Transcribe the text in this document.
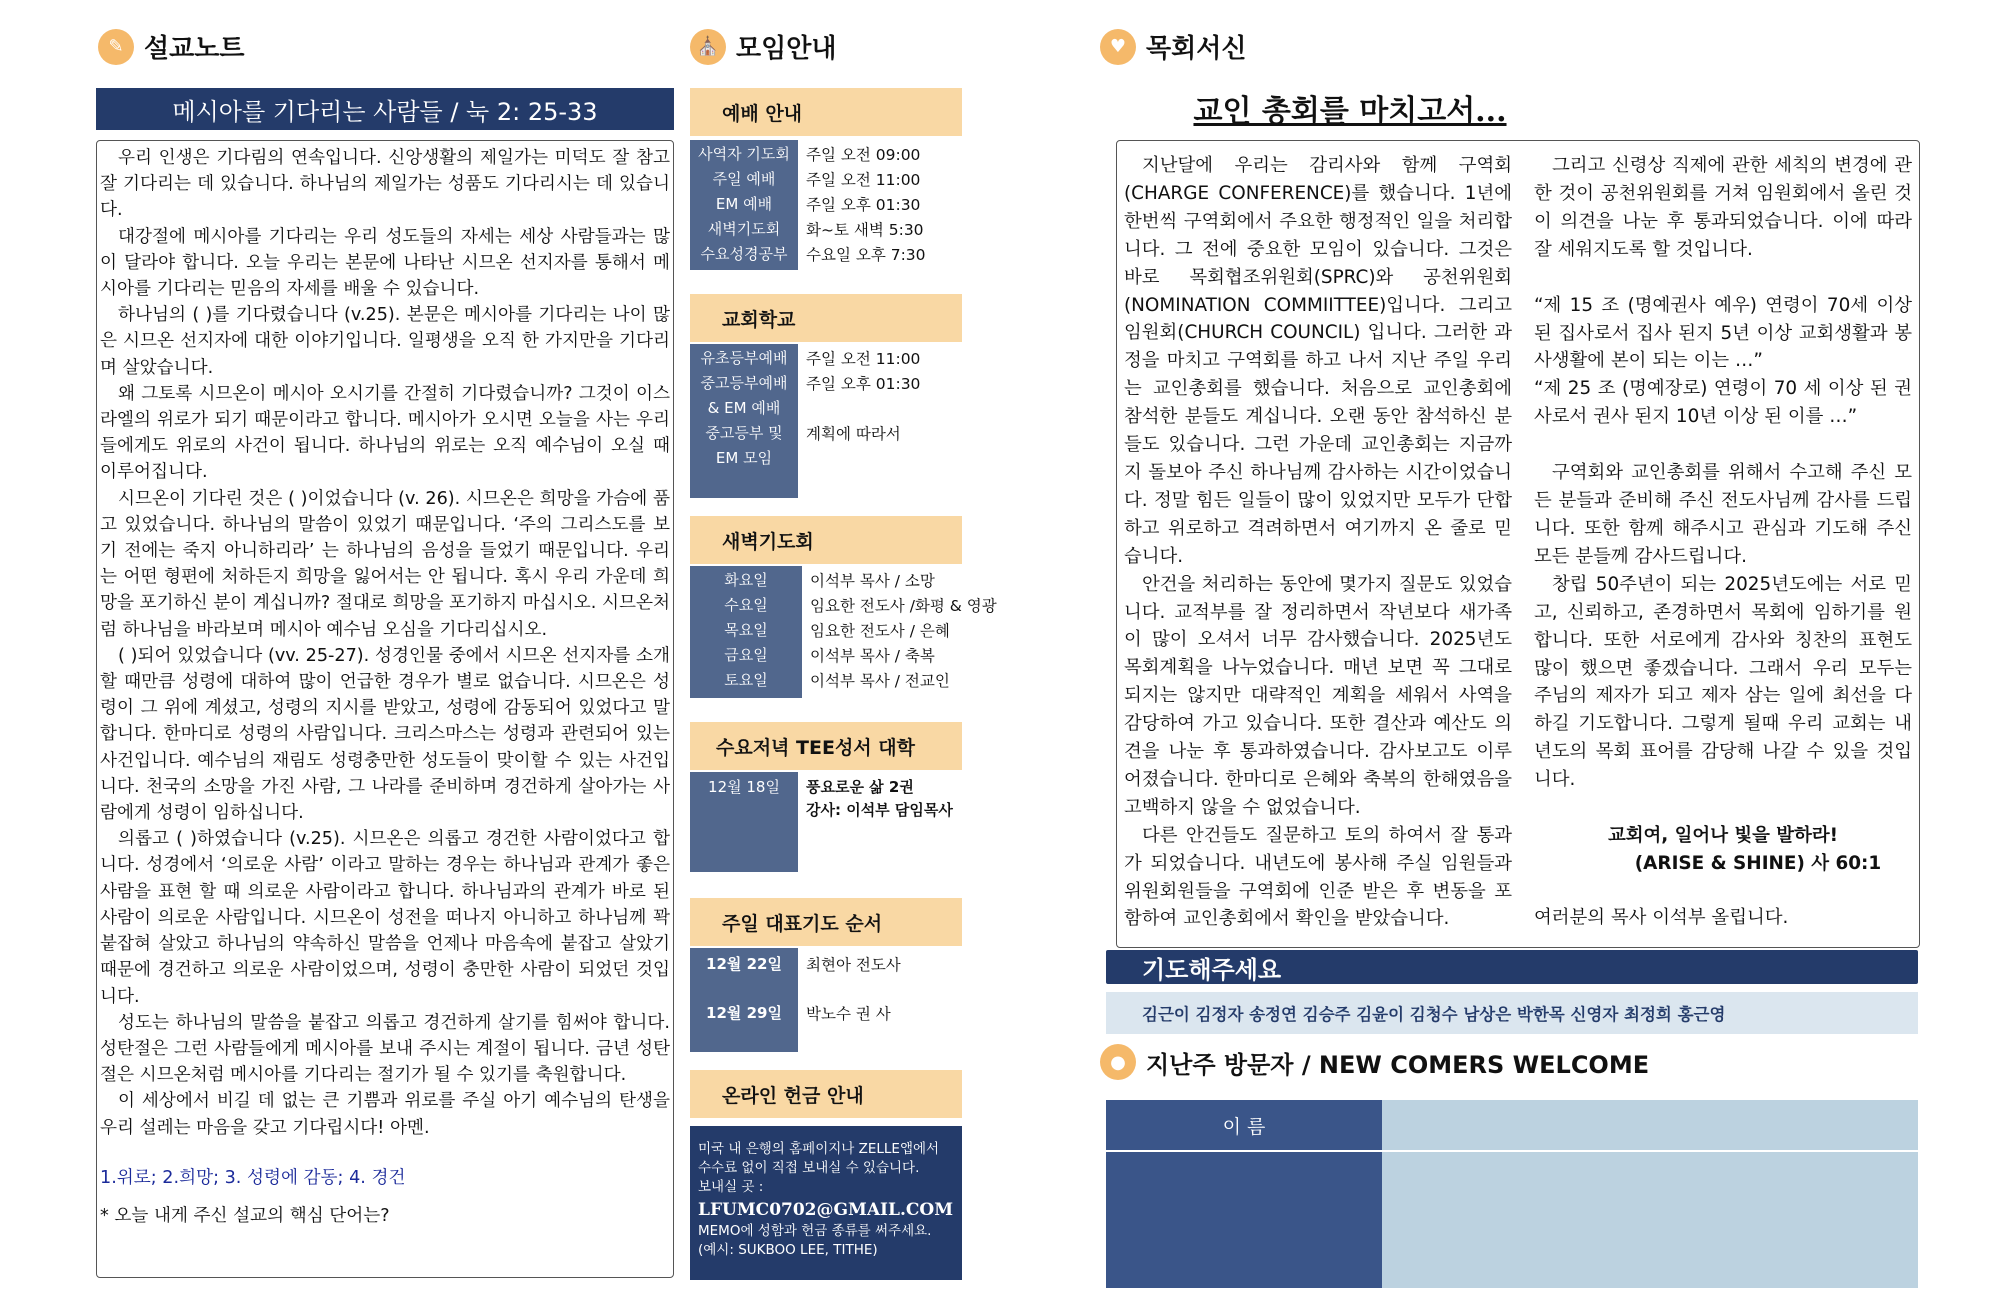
✎ 설교노트
메시아를 기다리는 사람들 / 눅 2: 25-33

우리 인생은 기다림의 연속입니다. 신앙생활의 제일가는 미덕도 잘 참고 잘 기다리는 데 있습니다. 하나님의 제일가는 성품도 기다리시는 데 있습니다.

대강절에 메시아를 기다리는 우리 성도들의 자세는 세상 사람들과는 많이 달라야 합니다. 오늘 우리는 본문에 나타난 시므온 선지자를 통해서 메시아를 기다리는 믿음의 자세를 배울 수 있습니다.

하나님의 ( )를 기다렸습니다 (v.25). 본문은 메시아를 기다리는 나이 많은 시므온 선지자에 대한 이야기입니다. 일평생을 오직 한 가지만을 기다리며 살았습니다.

왜 그토록 시므온이 메시아 오시기를 간절히 기다렸습니까? 그것이 이스라엘의 위로가 되기 때문이라고 합니다. 메시아가 오시면 오늘을 사는 우리들에게도 위로의 사건이 됩니다. 하나님의 위로는 오직 예수님이 오실 때 이루어집니다.

시므온이 기다린 것은 ( )이었습니다 (v. 26). 시므온은 희망을 가슴에 품고 있었습니다. 하나님의 말씀이 있었기 때문입니다. ‘주의 그리스도를 보기 전에는 죽지 아니하리라’ 는 하나님의 음성을 들었기 때문입니다. 우리는 어떤 형편에 처하든지 희망을 잃어서는 안 됩니다. 혹시 우리 가운데 희망을 포기하신 분이 계십니까? 절대로 희망을 포기하지 마십시오. 시므온처럼 하나님을 바라보며 메시아 예수님 오심을 기다리십시오.

( )되어 있었습니다 (vv. 25-27). 성경인물 중에서 시므온 선지자를 소개할 때만큼 성령에 대하여 많이 언급한 경우가 별로 없습니다. 시므온은 성령이 그 위에 계셨고, 성령의 지시를 받았고, 성령에 감동되어 있었다고 말합니다. 한마디로 성령의 사람입니다. 크리스마스는 성령과 관련되어 있는 사건입니다. 예수님의 재림도 성령충만한 성도들이 맞이할 수 있는 사건입니다. 천국의 소망을 가진 사람, 그 나라를 준비하며 경건하게 살아가는 사람에게 성령이 임하십니다.

의롭고 ( )하였습니다 (v.25). 시므온은 의롭고 경건한 사람이었다고 합니다. 성경에서 ‘의로운 사람’ 이라고 말하는 경우는 하나님과 관계가 좋은 사람을 표현 할 때 의로운 사람이라고 합니다. 하나님과의 관계가 바로 된 사람이 의로운 사람입니다. 시므온이 성전을 떠나지 아니하고 하나님께 꽉 붙잡혀 살았고 하나님의 약속하신 말씀을 언제나 마음속에 붙잡고 살았기 때문에 경건하고 의로운 사람이었으며, 성령이 충만한 사람이 되었던 것입니다.

성도는 하나님의 말씀을 붙잡고 의롭고 경건하게 살기를 힘써야 합니다. 성탄절은 그런 사람들에게 메시아를 보내 주시는 계절이 됩니다. 금년 성탄절은 시므온처럼 메시아를 기다리는 절기가 될 수 있기를 축원합니다.

이 세상에서 비길 데 없는 큰 기쁨과 위로를 주실 아기 예수님의 탄생을 우리 설레는 마음을 갖고 기다립시다! 아멘.

1.위로; 2.희망; 3. 성령에 감동; 4. 경건

* 오늘 내게 주신 설교의 핵심 단어는?

⛪ 모임안내
예배 안내
사역자 기도회	주일 오전 09:00
주일 예배	주일 오전 11:00
EM 예배	주일 오후 01:30
새벽기도회	화~토 새벽 5:30
수요성경공부	수요일 오후 7:30
교회학교
유초등부예배	주일 오전 11:00
중고등부예배	주일 오후 01:30
& EM 예배
중고등부 및	계획에 따라서
EM 모임
새벽기도회
화요일	이석부 목사 / 소망
수요일	임요한 전도사 /화평 & 영광
목요일	임요한 전도사 / 은혜
금요일	이석부 목사 / 축복
토요일	이석부 목사 / 전교인
수요저녁 TEE성서 대학
12월 18일	풍요로운 삶 2권
강사: 이석부 담임목사
주일 대표기도 순서
12월 22일	최현아 전도사
12월 29일	박노수 권 사
온라인 헌금 안내
미국 내 은행의 홈페이지나 ZELLE앱에서
수수료 없이 직접 보내실 수 있습니다.
보내실 곳 :
LFUMC0702@GMAIL.COM
MEMO에 성함과 헌금 종류를 써주세요.
(예시: SUKBOO LEE, TITHE)
♥ 목회서신
교인 총회를 마치고서...

지난달에 우리는 감리사와 함께 구역회(CHARGE CONFERENCE)를 했습니다. 1년에 한번씩 구역회에서 주요한 행정적인 일을 처리합니다. 그 전에 중요한 모임이 있습니다. 그것은 바로 목회협조위원회(SPRC)와 공천위원회(NOMINATION COMMIITTEE)입니다. 그리고 임원회(CHURCH COUNCIL) 입니다. 그러한 과정을 마치고 구역회를 하고 나서 지난 주일 우리는 교인총회를 했습니다. 처음으로 교인총회에 참석한 분들도 계십니다. 오랜 동안 참석하신 분들도 있습니다. 그런 가운데 교인총회는 지금까지 돌보아 주신 하나님께 감사하는 시간이었습니다. 정말 힘든 일들이 많이 있었지만 모두가 단합하고 위로하고 격려하면서 여기까지 온 줄로 믿습니다.

안건을 처리하는 동안에 몇가지 질문도 있었습니다. 교적부를 잘 정리하면서 작년보다 새가족이 많이 오셔서 너무 감사했습니다. 2025년도 목회계획을 나누었습니다. 매년 보면 꼭 그대로 되지는 않지만 대략적인 계획을 세워서 사역을 감당하여 가고 있습니다. 또한 결산과 예산도 의견을 나눈 후 통과하였습니다. 감사보고도 이루어졌습니다. 한마디로 은혜와 축복의 한해였음을 고백하지 않을 수 없었습니다.

다른 안건들도 질문하고 토의 하여서 잘 통과가 되었습니다. 내년도에 봉사해 주실 임원들과 위원회원들을 구역회에 인준 받은 후 변동을 포함하여 교인총회에서 확인을 받았습니다.

그리고 신령상 직제에 관한 세칙의 변경에 관한 것이 공천위원회를 거쳐 임원회에서 올린 것이 의견을 나눈 후 통과되었습니다. 이에 따라 잘 세워지도록 할 것입니다.

“제 15 조 (명예권사 예우) 연령이 70세 이상 된 집사로서 집사 된지 5년 이상 교회생활과 봉사생활에 본이 되는 이는 …”

“제 25 조 (명예장로) 연령이 70 세 이상 된 권사로서 권사 된지 10년 이상 된 이를 …”

구역회와 교인총회를 위해서 수고해 주신 모든 분들과 준비해 주신 전도사님께 감사를 드립니다. 또한 함께 해주시고 관심과 기도해 주신 모든 분들께 감사드립니다.

창립 50주년이 되는 2025년도에는 서로 믿고, 신뢰하고, 존경하면서 목회에 임하기를 원합니다. 또한 서로에게 감사와 칭찬의 표현도 많이 했으면 좋겠습니다. 그래서 우리 모두는 주님의 제자가 되고 제자 삼는 일에 최선을 다하길 기도합니다. 그렇게 될때 우리 교회는 내년도의 목회 표어를 감당해 나갈 수 있을 것입니다.

교회여, 일어나 빛을 발하라!

(ARISE & SHINE) 사 60:1

여러분의 목사 이석부 올립니다.

기도해주세요
김근이 김정자 송정연 김승주 김윤이 김청수 남상은 박한목 신영자 최정희 홍근영
● 지난주 방문자 / NEW COMERS WELCOME
이 름
